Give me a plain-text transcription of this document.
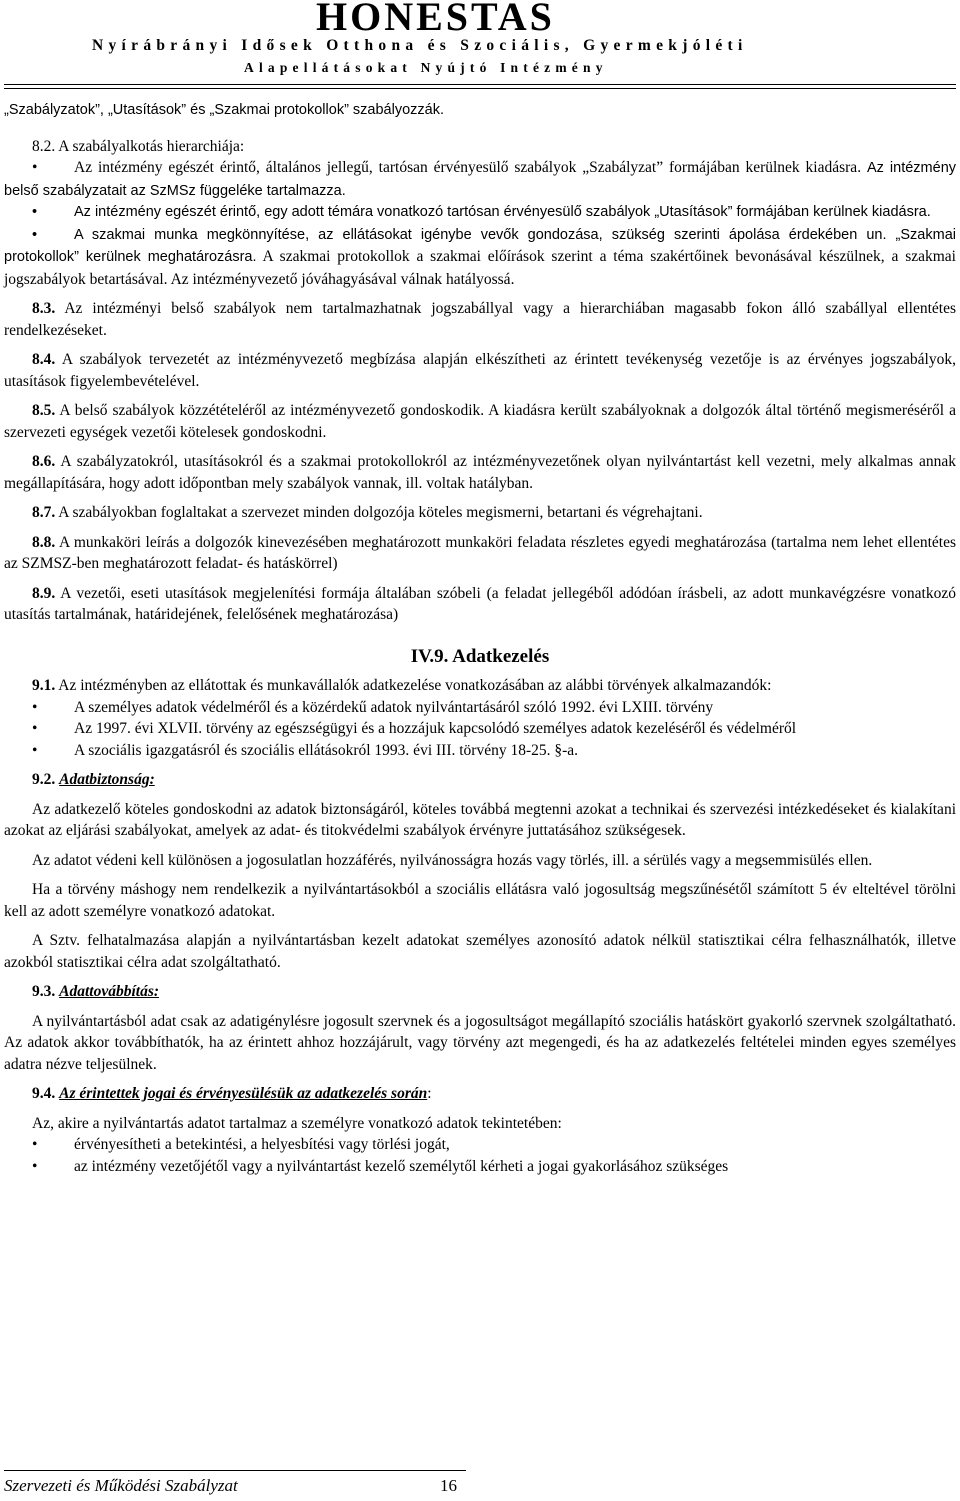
HONESTAS
Nyírábrányi Idősek Otthona és Szociális, Gyermekjóléti
Alapellátásokat Nyújtó Intézmény

„Szabályzatok”, „Utasítások” és „Szakmai protokollok” szabályozzák.

8.2. A szabályalkotás hierarchiája:

• Az intézmény egészét érintő, általános jellegű, tartósan érvényesülő szabályok „Szabályzat” formájában kerülnek kiadásra. Az intézmény belső szabályzatait az SzMSz függeléke tartalmazza.

•	Az intézmény egészét érintő, egy adott témára vonatkozó tartósan érvényesülő szabályok „Utasítások” formájában kerülnek kiadásra.

•	A szakmai munka megkönnyítése, az ellátásokat igénybe vevők gondozása, szükség szerinti ápolása érdekében un. „Szakmai protokollok” kerülnek meghatározásra. A szakmai protokollok a szakmai előírások szerint a téma szakértőinek bevonásával készülnek, a szakmai jogszabályok betartásával. Az intézményvezető jóváhagyásával válnak hatályossá.

8.3. Az intézményi belső szabályok nem tartalmazhatnak jogszabállyal vagy a hierarchiában magasabb fokon álló szabállyal ellentétes rendelkezéseket.

8.4. A szabályok tervezetét az intézményvezető megbízása alapján elkészítheti az érintett tevékenység vezetője is az érvényes jogszabályok, utasítások figyelembevételével.

8.5. A belső szabályok közzétételéről az intézményvezető gondoskodik. A kiadásra került szabályoknak a dolgozók által történő megismeréséről a szervezeti egységek vezetői kötelesek gondoskodni.

8.6. A szabályzatokról, utasításokról és a szakmai protokollokról az intézményvezetőnek olyan nyilvántartást kell vezetni, mely alkalmas annak megállapítására, hogy adott időpontban mely szabályok vannak, ill. voltak hatályban.

8.7. A szabályokban foglaltakat a szervezet minden dolgozója köteles megismerni, betartani és végrehajtani.

8.8. A munkaköri leírás a dolgozók kinevezésében meghatározott munkaköri feladata részletes egyedi meghatározása (tartalma nem lehet ellentétes az SZMSZ-ben meghatározott feladat- és hatáskörrel)

8.9. A vezetői, eseti utasítások megjelenítési formája általában szóbeli (a feladat jellegéből adódóan írásbeli, az adott munkavégzésre vonatkozó utasítás tartalmának, határidejének, felelősének meghatározása)

IV.9. Adatkezelés

9.1. Az intézményben az ellátottak és munkavállalók adatkezelése vonatkozásában az alábbi törvények alkalmazandók:

• A személyes adatok védelméről és a közérdekű adatok nyilvántartásáról szóló 1992. évi LXIII. törvény

• Az 1997. évi XLVII. törvény az egészségügyi és a hozzájuk kapcsolódó személyes adatok kezeléséről és védelméről

• A szociális igazgatásról és szociális ellátásokról 1993. évi III. törvény 18-25. §-a.

9.2. Adatbiztonság:

Az adatkezelő köteles gondoskodni az adatok biztonságáról, köteles továbbá megtenni azokat a technikai és szervezési intézkedéseket és kialakítani azokat az eljárási szabályokat, amelyek az adat- és titokvédelmi szabályok érvényre juttatásához szükségesek.

Az adatot védeni kell különösen a jogosulatlan hozzáférés, nyilvánosságra hozás vagy törlés, ill. a sérülés vagy a megsemmisülés ellen.

Ha a törvény máshogy nem rendelkezik a nyilvántartásokból a szociális ellátásra való jogosultság megszűnésétől számított 5 év elteltével törölni kell az adott személyre vonatkozó adatokat.

A Sztv. felhatalmazása alapján a nyilvántartásban kezelt adatokat személyes azonosító adatok nélkül statisztikai célra felhasználhatók, illetve azokból statisztikai célra adat szolgáltatható.

9.3. Adattovábbítás:

A nyilvántartásból adat csak az adatigénylésre jogosult szervnek és a jogosultságot megállapító szociális hatáskört gyakorló szervnek szolgáltatható. Az adatok akkor továbbíthatók, ha az érintett ahhoz hozzájárult, vagy törvény azt megengedi, és ha az adatkezelés feltételei minden egyes személyes adatra nézve teljesülnek.

9.4. Az érintettek jogai és érvényesülésük az adatkezelés során:

Az, akire a nyilvántartás adatot tartalmaz a személyre vonatkozó adatok tekintetében:

• érvényesítheti a betekintési, a helyesbítési vagy törlési jogát,

• az intézmény vezetőjétől vagy a nyilvántartást kezelő személytől kérheti a jogai gyakorlásához szükséges

Szervezeti és Működési Szabályzat	16
